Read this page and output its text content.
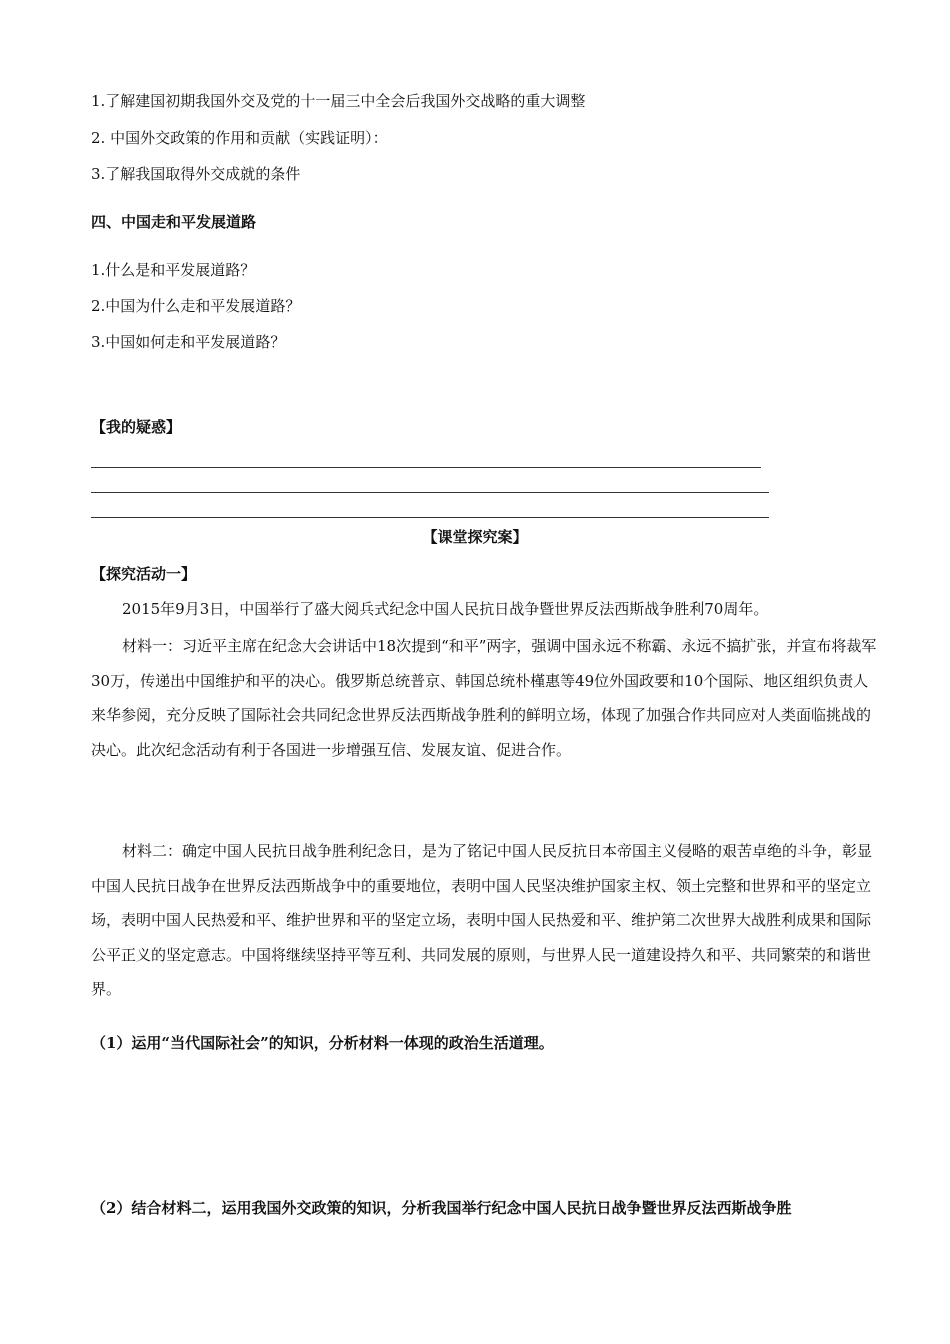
1.了解建国初期我国外交及党的十一届三中全会后我国外交战略的重大调整
2. 中国外交政策的作用和贡献（实践证明）：
3.了解我国取得外交成就的条件
四、中国走和平发展道路
1.什么是和平发展道路？
2.中国为什么走和平发展道路？
3.中国如何走和平发展道路？
【我的疑惑】
【课堂探究案】
【探究活动一】
2015年9月3日，中国举行了盛大阅兵式纪念中国人民抗日战争暨世界反法西斯战争胜利70周年。
材料一：习近平主席在纪念大会讲话中18次提到“和平”两字，强调中国永远不称霸、永远不搞扩张，并宣布将裁军30万，传递出中国维护和平的决心。俄罗斯总统普京、韩国总统朴槿惠等49位外国政要和10个国际、地区组织负责人来华参阅，充分反映了国际社会共同纪念世界反法西斯战争胜利的鲜明立场，体现了加强合作共同应对人类面临挑战的决心。此次纪念活动有利于各国进一步增强互信、发展友谊、促进合作。
材料二：确定中国人民抗日战争胜利纪念日，是为了铭记中国人民反抗日本帝国主义侵略的艰苦卓绝的斗争，彰显中国人民抗日战争在世界反法西斯战争中的重要地位，表明中国人民坚决维护国家主权、领土完整和世界和平的坚定立场，表明中国人民热爱和平、维护世界和平的坚定立场，表明中国人民热爱和平、维护第二次世界大战胜利成果和国际公平正义的坚定意志。中国将继续坚持平等互利、共同发展的原则，与世界人民一道建设持久和平、共同繁荣的和谐世界。
（1）运用“当代国际社会”的知识，分析材料一体现的政治生活道理。
（2）结合材料二，运用我国外交政策的知识，分析我国举行纪念中国人民抗日战争暨世界反法西斯战争胜
